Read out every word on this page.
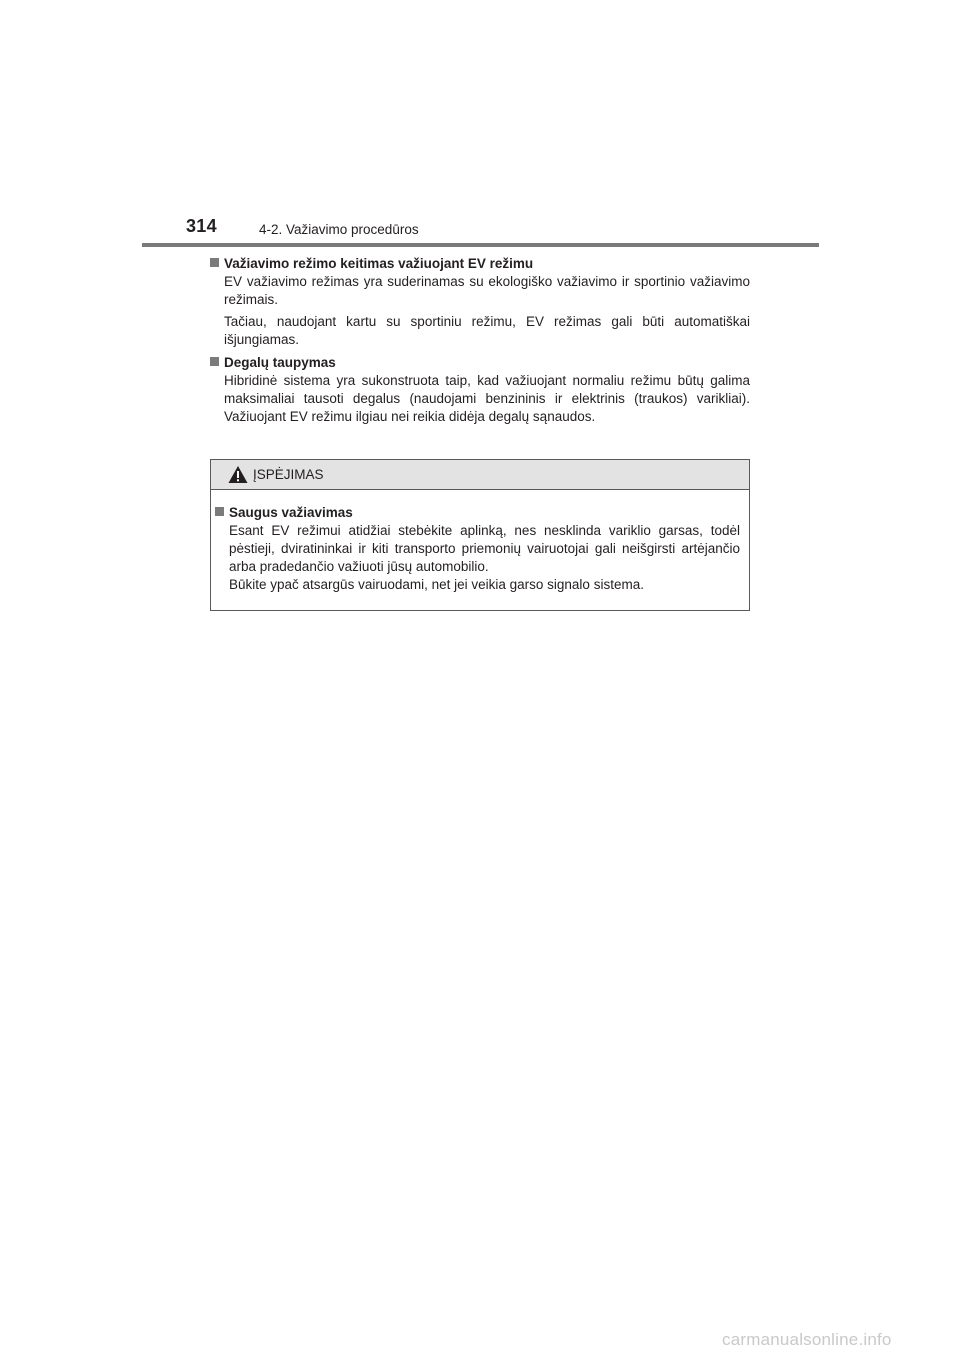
314	4-2. Važiavimo procedūros
Važiavimo režimo keitimas važiuojant EV režimu

EV važiavimo režimas yra suderinamas su ekologiško važiavimo ir sportinio važiavimo režimais.

Tačiau, naudojant kartu su sportiniu režimu, EV režimas gali būti automatiškai išjungiamas.

Degalų taupymas

Hibridinė sistema yra sukonstruota taip, kad važiuojant normaliu režimu būtų galima maksimaliai tausoti degalus (naudojami benzininis ir elektrinis (traukos) varikliai). Važiuojant EV režimu ilgiau nei reikia didėja degalų sąnaudos.

ĮSPĖJIMAS
Saugus važiavimas

Esant EV režimui atidžiai stebėkite aplinką, nes nesklinda variklio garsas, todėl pėstieji, dviratininkai ir kiti transporto priemonių vairuotojai gali neišgirsti artėjančio arba pradedančio važiuoti jūsų automobilio.

Būkite ypač atsargūs vairuodami, net jei veikia garso signalo sistema.

carmanualsonline.info
